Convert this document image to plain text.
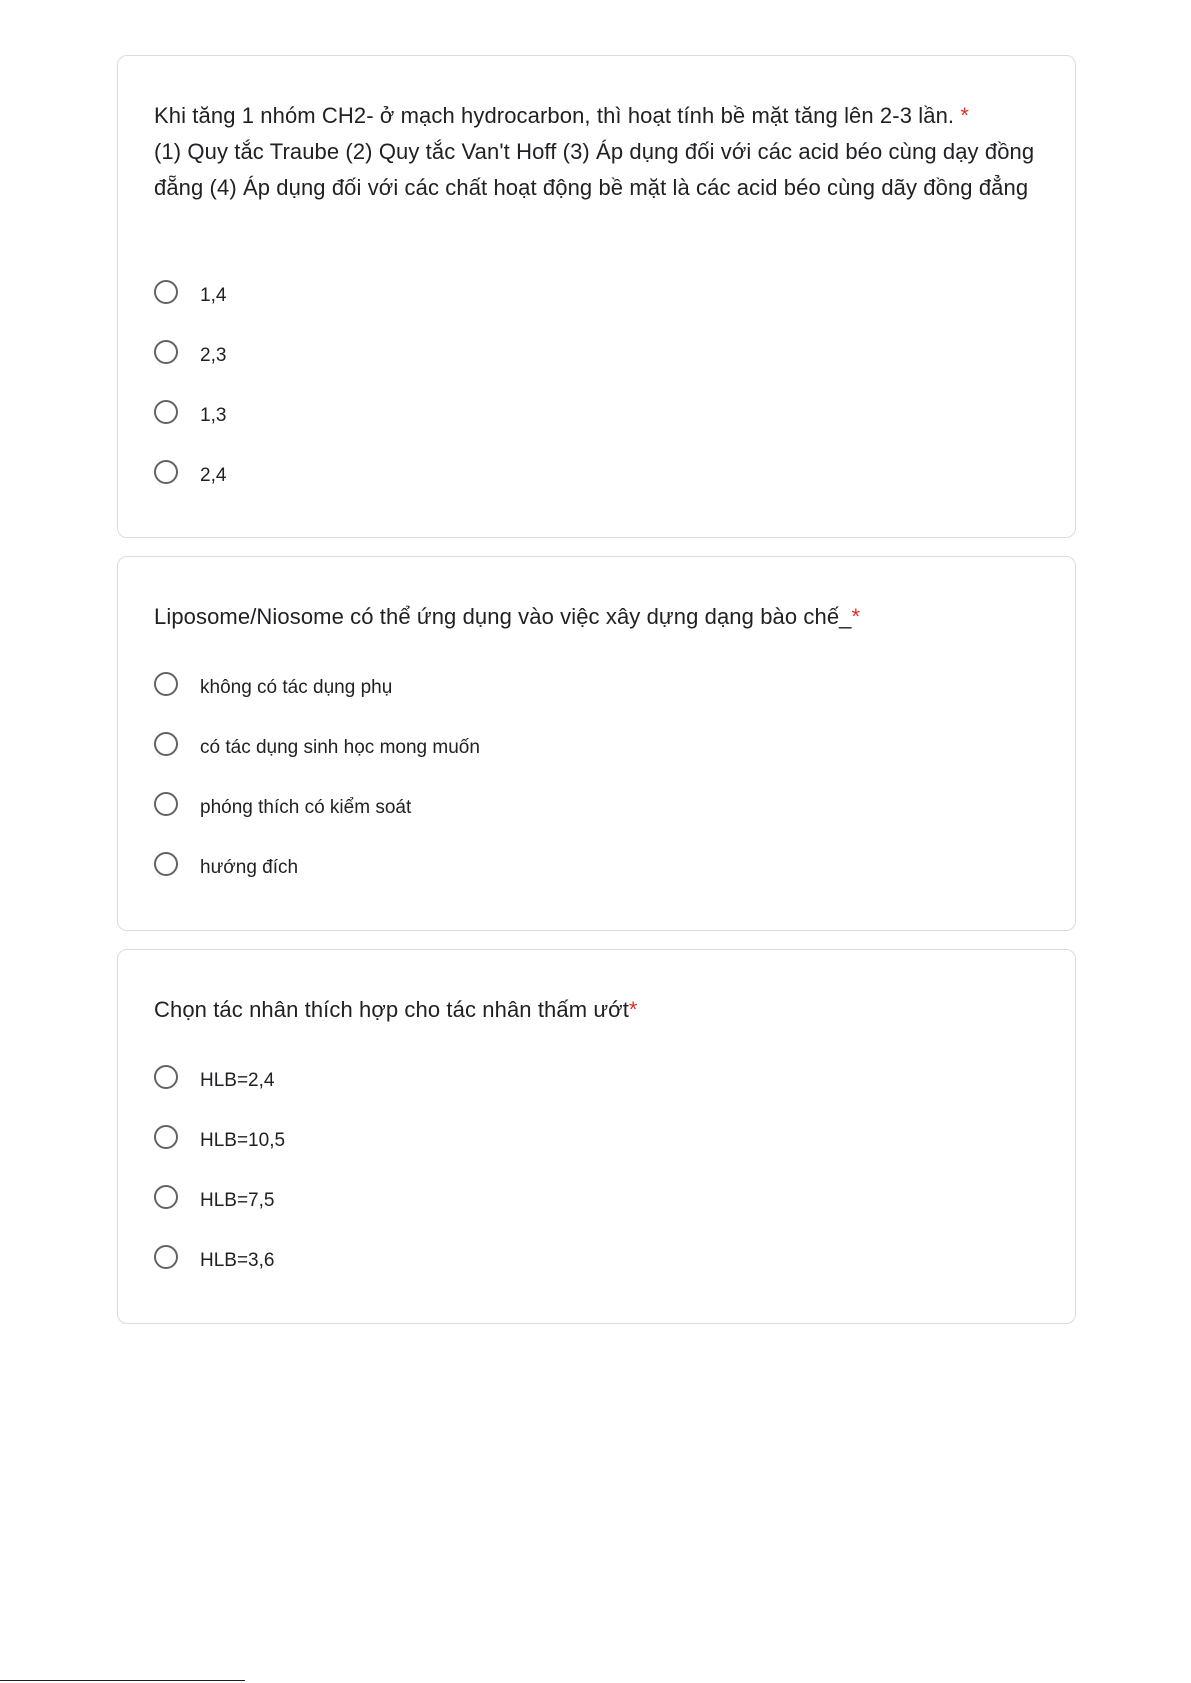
Khi tăng 1 nhóm CH2- ở mạch hydrocarbon, thì hoạt tính bề mặt tăng lên 2-3 lần. *
(1) Quy tắc Traube (2) Quy tắc Van't Hoff (3) Áp dụng đối với các acid béo cùng dạy đồng đẵng (4) Áp dụng đối với các chất hoạt động bề mặt là các acid béo cùng dãy đồng đẳng
1,4
2,3
1,3
2,4
Liposome/Niosome có thể ứng dụng vào việc xây dựng dạng bào chế_*
không có tác dụng phụ
có tác dụng sinh học mong muốn
phóng thích có kiểm soát
hướng đích
Chọn tác nhân thích hợp cho tác nhân thấm ướt*
HLB=2,4
HLB=10,5
HLB=7,5
HLB=3,6
